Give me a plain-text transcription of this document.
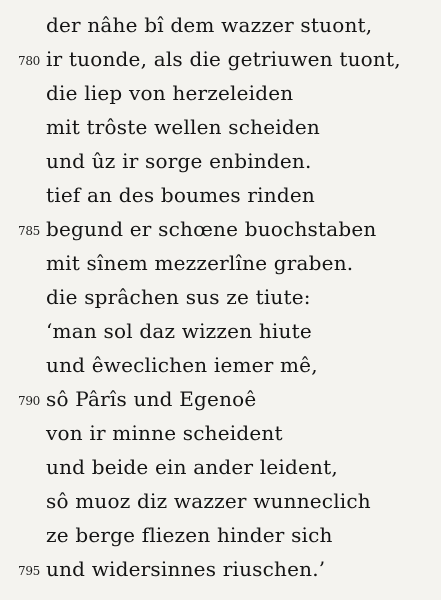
der nâhe bî dem wazzer stuont,
780 ir tuonde, als die getriuwen tuont,
die liep von herzeleiden
mit trôste wellen scheiden
und ûz ir sorge enbinden.
tief an des boumes rinden
785 begund er schœne buochstaben
mit sînem mezzerlîne graben.
die sprâchen sus ze tiute:
‘man sol daz wizzen hiute
und êweclichen iemer mê,
790 sô Pârîs und Egenoê
von ir minne scheident
und beide ein ander leident,
sô muoz diz wazzer wunneclich
ze berge fliezen hinder sich
795 und widersinnes riuschen.’
